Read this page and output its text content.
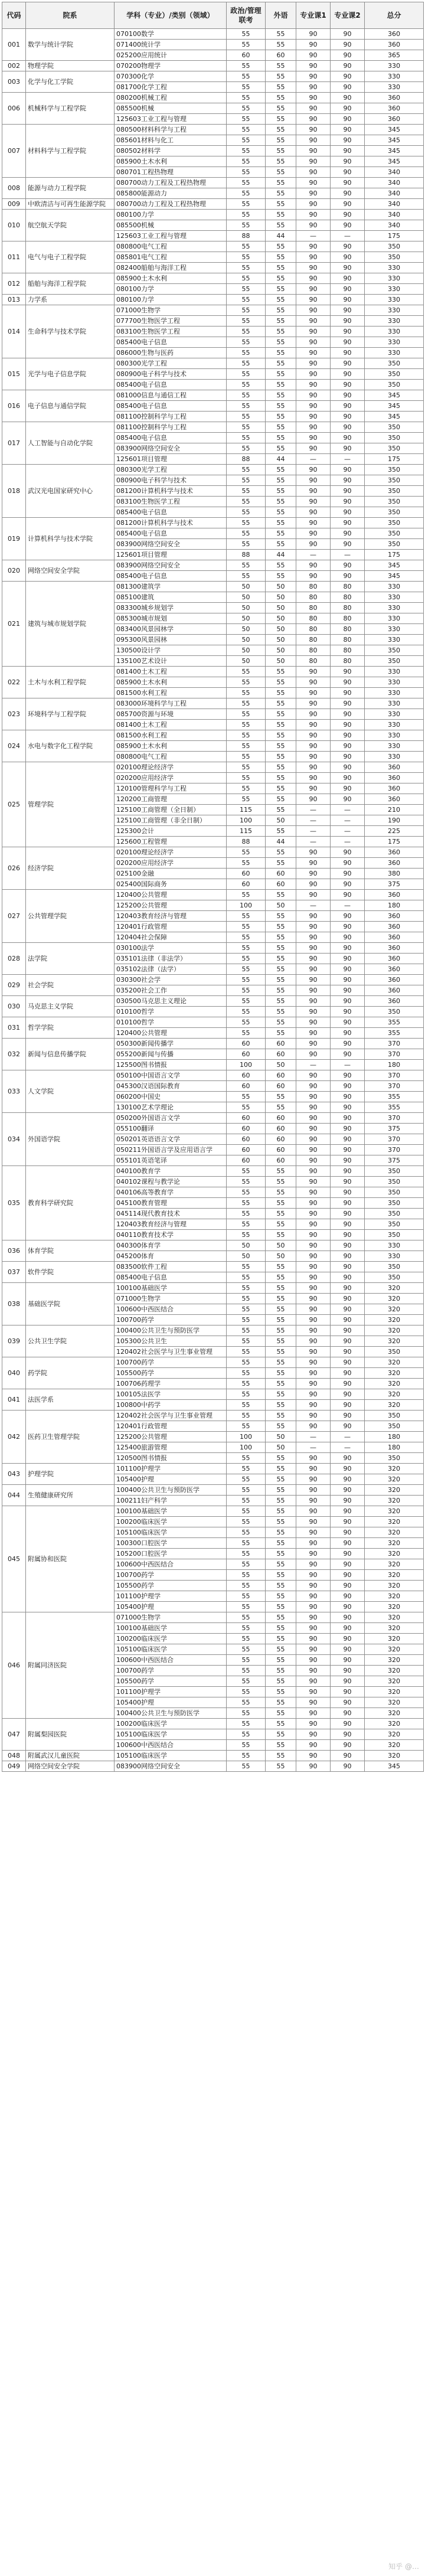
代码	院系	学科（专业）/类别（领域）	政治/管理联考	外语	专业课1	专业课2	总分
001	数学与统计学院	070100数学	55	55	90	90	360
		071400统计学	55	55	90	90	360
		025200应用统计	60	60	90	90	365
002	物理学院	070200物理学	55	55	90	90	330
003	化学与化工学院	070300化学	55	55	90	90	330
		081700化学工程	55	55	90	90	330
006	机械科学与工程学院	080200机械工程	55	55	90	90	360
		085500机械	55	55	90	90	360
		125603工业工程与管理	55	55	90	90	360
007	材料科学与工程学院	080500材料科学与工程	55	55	90	90	345
		085601材料与化工	55	55	90	90	345
		080502材料学	55	55	90	90	345
		085900土木水利	55	55	90	90	345
		080701工程热物理	55	55	90	90	340
008	能源与动力工程学院	080700动力工程及工程热物理	55	55	90	90	340
		085800能源动力	55	55	90	90	340
009	中欧清洁与可再生能源学院	080700动力工程及工程热物理	55	55	90	90	340
010	航空航天学院	080100力学	55	55	90	90	340
		085500机械	55	55	90	90	340
		125603工业工程与管理	88	44	—	—	175
011	电气与电子工程学院	080800电气工程	55	55	90	90	350
		085801电气工程	55	55	90	90	350
		082400船舶与海洋工程	55	55	90	90	330
012	船舶与海洋工程学院	085900土木水利	55	55	90	90	330
		080100力学	55	55	90	90	330
013	力学系	080100力学	55	55	90	90	330
014	生命科学与技术学院	071000生物学	55	55	90	90	330
		077700生物医学工程	55	55	90	90	330
		083100生物医学工程	55	55	90	90	330
		085400电子信息	55	55	90	90	330
		086000生物与医药	55	55	90	90	330
015	光学与电子信息学院	080300光学工程	55	55	90	90	350
		080900电子科学与技术	55	55	90	90	350
		085400电子信息	55	55	90	90	350
016	电子信息与通信学院	081000信息与通信工程	55	55	90	90	345
		085400电子信息	55	55	90	90	345
		081100控制科学与工程	55	55	90	90	345
017	人工智能与自动化学院	081100控制科学与工程	55	55	90	90	350
		085400电子信息	55	55	90	90	350
		083900网络空间安全	55	55	90	90	350
		125601项目管理	88	44	—	—	175
018	武汉光电国家研究中心	080300光学工程	55	55	90	90	350
		080900电子科学与技术	55	55	90	90	350
		081200计算机科学与技术	55	55	90	90	350
		083100生物医学工程	55	55	90	90	350
		085400电子信息	55	55	90	90	350
019	计算机科学与技术学院	081200计算机科学与技术	55	55	90	90	350
		085400电子信息	55	55	90	90	350
		083900网络空间安全	55	55	90	90	350
		125601项目管理	88	44	—	—	175
020	网络空间安全学院	083900网络空间安全	55	55	90	90	345
		085400电子信息	55	55	90	90	345
021	建筑与城市规划学院	081300建筑学	50	50	80	80	330
		085100建筑	50	50	80	80	330
		083300城乡规划学	50	50	80	80	330
		085300城市规划	50	50	80	80	330
		083400风景园林学	50	50	80	80	330
		095300风景园林	50	50	80	80	330
		130500设计学	50	50	80	80	350
		135100艺术设计	50	50	80	80	350
022	土木与水利工程学院	081400土木工程	55	55	90	90	330
		085900土木水利	55	55	90	90	330
		081500水利工程	55	55	90	90	330
023	环境科学与工程学院	083000环境科学与工程	55	55	90	90	330
		085700资源与环境	55	55	90	90	330
		081400土木工程	55	55	90	90	330
024	水电与数字化工程学院	081500水利工程	55	55	90	90	330
		085900土木水利	55	55	90	90	330
		080800电气工程	55	55	90	90	330
025	管理学院	020100理论经济学	55	55	90	90	360
		020200应用经济学	55	55	90	90	360
		120100管理科学与工程	55	55	90	90	360
		120200工商管理	55	55	90	90	360
		125100工商管理（全日制）	115	55	—	—	210
		125100工商管理（非全日制）	100	50	—	—	190
		125300会计	115	55	—	—	225
		125600工程管理	88	44	—	—	175
026	经济学院	020100理论经济学	55	55	90	90	360
		020200应用经济学	55	55	90	90	360
		025100金融	60	60	90	90	380
		025400国际商务	60	60	90	90	375
027	公共管理学院	120400公共管理	55	55	90	90	360
		125200公共管理	100	50	—	—	180
		120403教育经济与管理	55	55	90	90	360
		120401行政管理	55	55	90	90	360
		120404社会保障	55	55	90	90	360
028	法学院	030100法学	55	55	90	90	360
		035101法律（非法学）	55	55	90	90	360
		035102法律（法学）	55	55	90	90	360
029	社会学院	030300社会学	55	55	90	90	360
		035200社会工作	55	55	90	90	360
030	马克思主义学院	030500马克思主义理论	55	55	90	90	360
		010100哲学	55	55	90	90	350
031	哲学学院	010100哲学	55	55	90	90	355
		120400公共管理	55	55	90	90	355
032	新闻与信息传播学院	050300新闻传播学	60	60	90	90	370
		055200新闻与传播	60	60	90	90	370
		125500图书情报	100	50	—	—	180
033	人文学院	050100中国语言文学	60	60	90	90	370
		045300汉语国际教育	60	60	90	90	370
		060200中国史	55	55	90	90	355
		130100艺术学理论	55	55	90	90	355
034	外国语学院	050200外国语言文学	60	60	90	90	370
		055100翻译	60	60	90	90	375
		050201英语语言文学	60	60	90	90	370
		050211外国语言学及应用语言学	60	60	90	90	370
		055101英语笔译	60	60	90	90	375
035	教育科学研究院	040100教育学	55	55	90	90	350
		040102课程与教学论	55	55	90	90	350
		040106高等教育学	55	55	90	90	350
		045100教育管理	55	55	90	90	350
		045114现代教育技术	55	55	90	90	350
		120403教育经济与管理	55	55	90	90	350
		040110教育技术学	55	55	90	90	350
036	体育学院	040300体育学	50	50	90	90	330
		045200体育	50	50	90	90	330
037	软件学院	083500软件工程	55	55	90	90	350
		085400电子信息	55	55	90	90	350
038	基础医学院	100100基础医学	55	55	90	90	320
		071000生物学	55	55	90	90	320
		100600中西医结合	55	55	90	90	320
		100700药学	55	55	90	90	320
039	公共卫生学院	100400公共卫生与预防医学	55	55	90	90	320
		105300公共卫生	55	55	90	90	320
		120402社会医学与卫生事业管理	55	55	90	90	350
040	药学院	100700药学	55	55	90	90	320
		105500药学	55	55	90	90	320
		100706药理学	55	55	90	90	320
041	法医学系	100105法医学	55	55	90	90	320
		100800中药学	55	55	90	90	320
042	医药卫生管理学院	120402社会医学与卫生事业管理	55	55	90	90	350
		120401行政管理	55	55	90	90	350
		125200公共管理	100	50	—	—	180
		125400旅游管理	100	50	—	—	180
		120500图书情报	55	55	90	90	350
043	护理学院	101100护理学	55	55	90	90	320
		105400护理	55	55	90	90	320
044	生殖健康研究所	100400公共卫生与预防医学	55	55	90	90	320
		100211妇产科学	55	55	90	90	320
045	附属协和医院	100100基础医学	55	55	90	90	320
		100200临床医学	55	55	90	90	320
		105100临床医学	55	55	90	90	320
		100300口腔医学	55	55	90	90	320
		105200口腔医学	55	55	90	90	320
		100600中西医结合	55	55	90	90	320
		100700药学	55	55	90	90	320
		105500药学	55	55	90	90	320
		101100护理学	55	55	90	90	320
		105400护理	55	55	90	90	320
046	附属同济医院	071000生物学	55	55	90	90	320
		100100基础医学	55	55	90	90	320
		100200临床医学	55	55	90	90	320
		105100临床医学	55	55	90	90	320
		100600中西医结合	55	55	90	90	320
		100700药学	55	55	90	90	320
		105500药学	55	55	90	90	320
		101100护理学	55	55	90	90	320
		105400护理	55	55	90	90	320
		100400公共卫生与预防医学	55	55	90	90	320
047	附属梨园医院	100200临床医学	55	55	90	90	320
		105100临床医学	55	55	90	90	320
		100600中西医结合	55	55	90	90	320
048	附属武汉儿童医院	105100临床医学	55	55	90	90	320
049	网络空间安全学院	083900网络空间安全	55	55	90	90	345
知乎 @…
